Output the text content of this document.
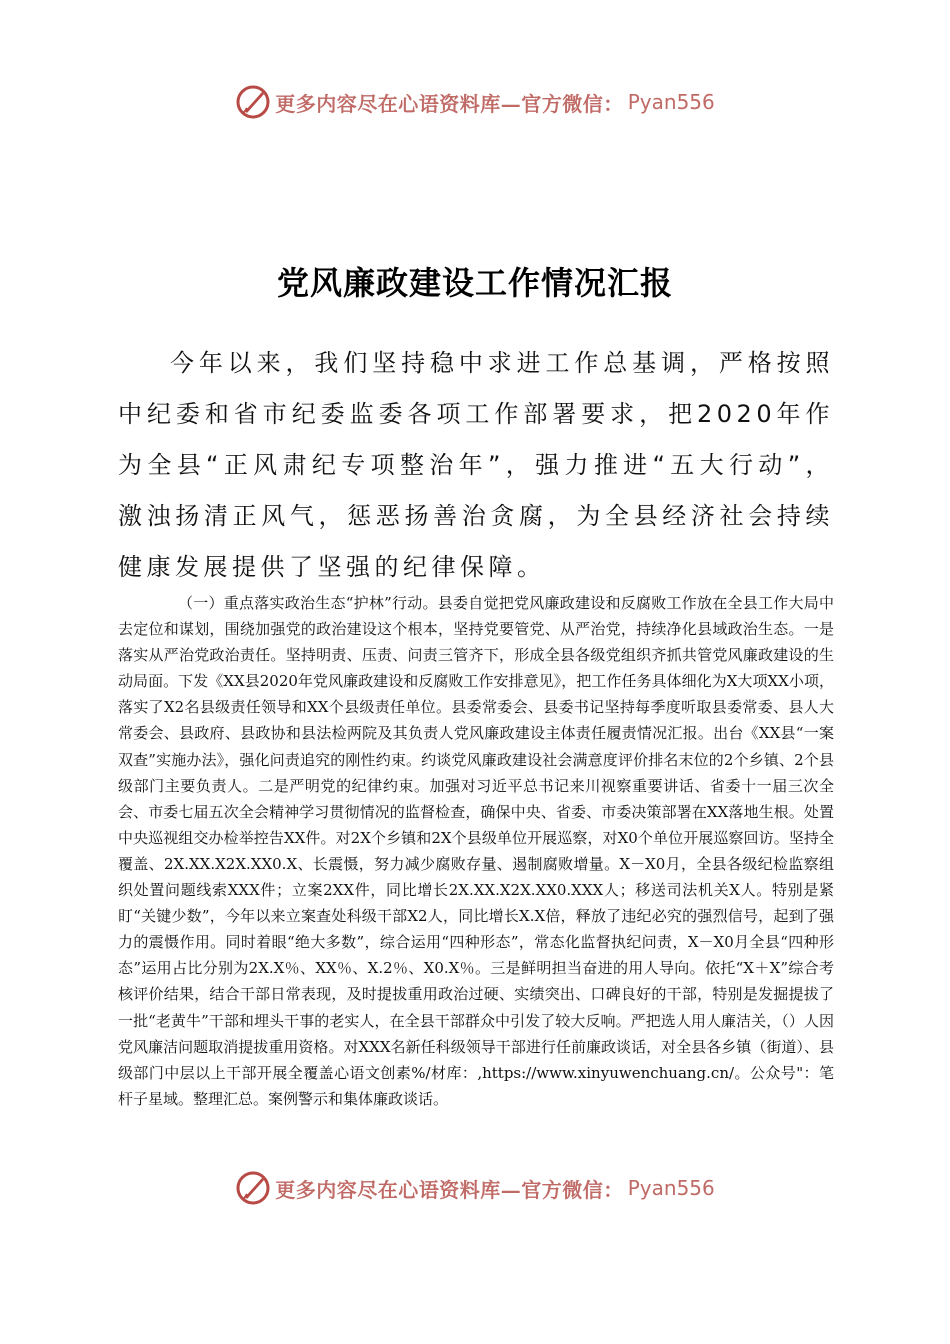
更多内容尽在心语资料库—官方微信： Pyan556
党风廉政建设工作情况汇报

今年以来，我们坚持稳中求进工作总基调，严格按照中纪委和省市纪委监委各项工作部署要求，把2020年作为全县“正风肃纪专项整治年”，强力推进“五大行动”，激浊扬清正风气，惩恶扬善治贪腐，为全县经济社会持续健康发展提供了坚强的纪律保障。

（一）重点落实政治生态“护林”行动。县委自觉把党风廉政建设和反腐败工作放在全县工作大局中去定位和谋划，围绕加强党的政治建设这个根本，坚持党要管党、从严治党，持续净化县域政治生态。一是落实从严治党政治责任。坚持明责、压责、问责三管齐下，形成全县各级党组织齐抓共管党风廉政建设的生动局面。下发《XX县2020年党风廉政建设和反腐败工作安排意见》，把工作任务具体细化为X大项XX小项，落实了X2名县级责任领导和XX个县级责任单位。县委常委会、县委书记坚持每季度听取县委常委、县人大常委会、县政府、县政协和县法检两院及其负责人党风廉政建设主体责任履责情况汇报。出台《XX县“一案双查”实施办法》，强化问责追究的刚性约束。约谈党风廉政建设社会满意度评价排名末位的2个乡镇、2个县级部门主要负责人。二是严明党的纪律约束。加强对习近平总书记来川视察重要讲话、省委十一届三次全会、市委七届五次全会精神学习贯彻情况的监督检查，确保中央、省委、市委决策部署在XX落地生根。处置中央巡视组交办检举控告XX件。对2X个乡镇和2X个县级单位开展巡察，对X0个单位开展巡察回访。坚持全覆盖、2X.XX.X2X.XX0.X、长震慑，努力减少腐败存量、遏制腐败增量。X－X0月，全县各级纪检监察组织处置问题线索XXX件；立案2XX件，同比增长2X.XX.X2X.XX0.XXX人；移送司法机关X人。特别是紧盯“关键少数”，今年以来立案查处科级干部X2人，同比增长X.X倍，释放了违纪必究的强烈信号，起到了强力的震慑作用。同时着眼“绝大多数”，综合运用“四种形态”，常态化监督执纪问责，X－X0月全县“四种形态”运用占比分别为2X.X％、XX％、X.2％、X0.X％。三是鲜明担当奋进的用人导向。依托“X＋X”综合考核评价结果，结合干部日常表现，及时提拔重用政治过硬、实绩突出、口碑良好的干部，特别是发掘提拔了一批“老黄牛”干部和埋头干事的老实人，在全县干部群众中引发了较大反响。严把选人用人廉洁关，（）人因党风廉洁问题取消提拔重用资格。对XXX名新任科级领导干部进行任前廉政谈话，对全县各乡镇（街道）、县级部门中层以上干部开展全覆盖心语文创素%/材库：,https://www.xinyuwenchuang.cn/。公众号"：笔杆子星域。整理汇总。案例警示和集体廉政谈话。

更多内容尽在心语资料库—官方微信： Pyan556
